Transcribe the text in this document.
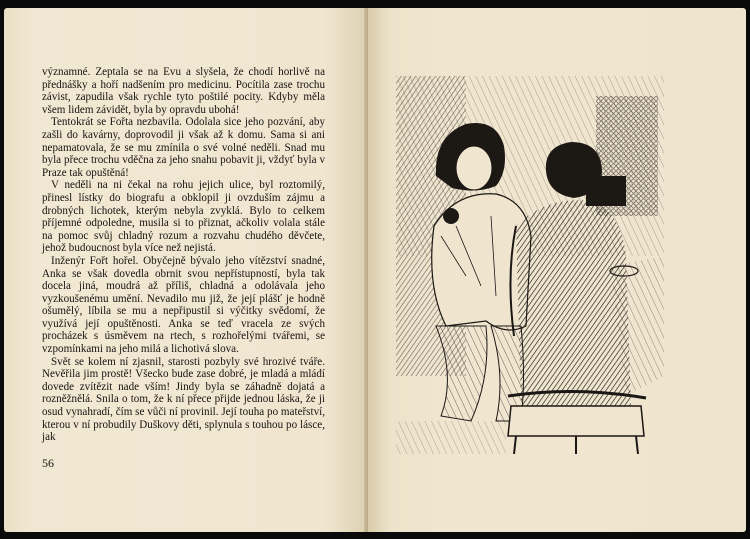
významné. Zeptala se na Evu a slyšela, že chodí horlivě na přednášky a hoří nadšením pro medicinu. Pocítila zase trochu závist, zapudila však rychle tyto poštilé pocity. Kdyby měla všem lidem závidět, byla by opravdu ubohá!

Tentokrát se Fořta nezbavila. Odolala sice jeho pozvání, aby zašli do kavárny, doprovodil ji však až k domu. Sama si ani nepamatovala, že se mu zmínila o své volné neděli. Snad mu byla přece trochu vděčna za jeho snahu pobavit ji, vždyť byla v Praze tak opuštěná!

V neděli na ni čekal na rohu jejich ulice, byl roztomilý, přinesl lístky do biografu a obklopil ji ovzduším zájmu a drobných lichotek, kterým nebyla zvyklá. Bylo to celkem příjemné odpoledne, musila si to přiznat, ačkoliv volala stále na pomoc svůj chladný rozum a rozvahu chudého děvčete, jehož budoucnost byla více než nejistá.

Inženýr Fořt hořel. Obyčejně bývalo jeho vítězství snadné, Anka se však dovedla obrnit svou nepřístupností, byla tak docela jiná, moudrá až příliš, chladná a odolávala jeho vyzkoušenému umění. Nevadilo mu již, že její plášť je hodně ošumělý, líbila se mu a nepřipustil si výčitky svědomí, že využívá její opuštěnosti. Anka se teď vracela ze svých procházek s úsměvem na rtech, s rozhořelými tvářemi, se vzpomínkami na jeho milá a lichotivá slova.

Svět se kolem ní zjasnil, starosti pozbyly své hrozivé tváře. Nevěřila jim prostě! Všecko bude zase dobré, je mladá a mládí dovede zvítězit nade vším! Jindy byla se záhadně dojatá a rozněžnělá. Snila o tom, že k ní přece přijde jednou láska, že ji osud vynahradí, čím se vůči ní provinil. Její touha po mateřství, kterou v ní probudily Duškovy děti, splynula s touhou po lásce, jak

56
